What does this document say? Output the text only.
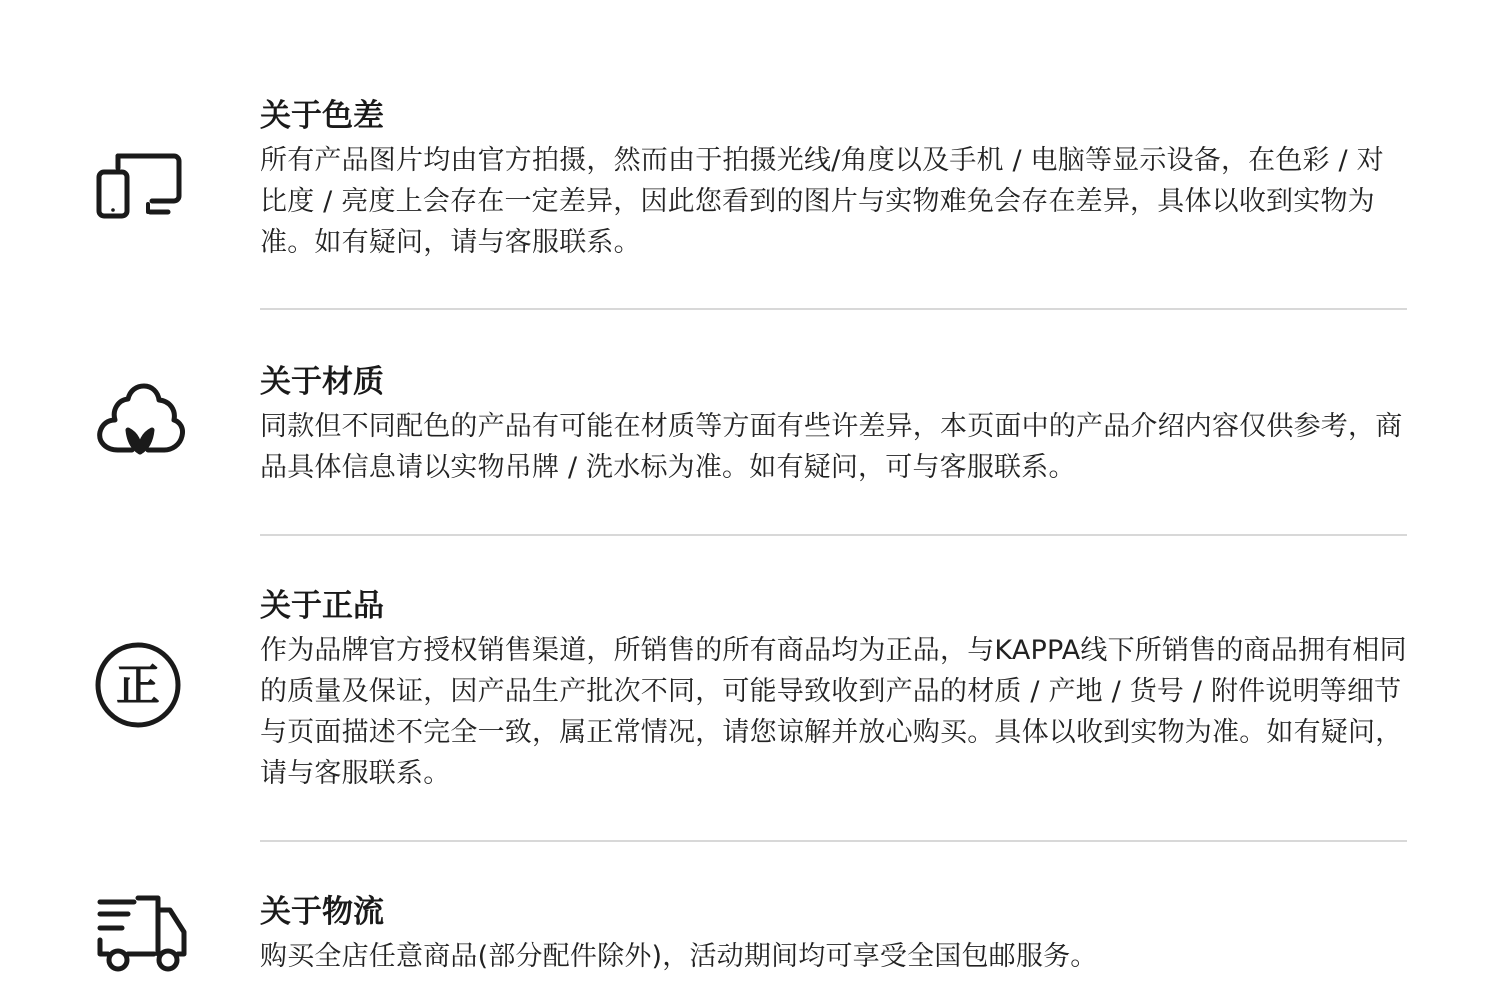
关于色差

所有产品图片均由官方拍摄，然而由于拍摄光线/角度以及手机 / 电脑等显示设备，在色彩 / 对比度 / 亮度上会存在一定差异，因此您看到的图片与实物难免会存在差异，具体以收到实物为准。如有疑问，请与客服联系。

关于材质

同款但不同配色的产品有可能在材质等方面有些许差异，本页面中的产品介绍内容仅供参考，商品具体信息请以实物吊牌 / 洗水标为准。如有疑问，可与客服联系。

正
关于正品

作为品牌官方授权销售渠道，所销售的所有商品均为正品，与KAPPA线下所销售的商品拥有相同的质量及保证，因产品生产批次不同，可能导致收到产品的材质 / 产地 / 货号 / 附件说明等细节与页面描述不完全一致，属正常情况，请您谅解并放心购买。具体以收到实物为准。如有疑问，请与客服联系。

关于物流

购买全店任意商品(部分配件除外)，活动期间均可享受全国包邮服务。
